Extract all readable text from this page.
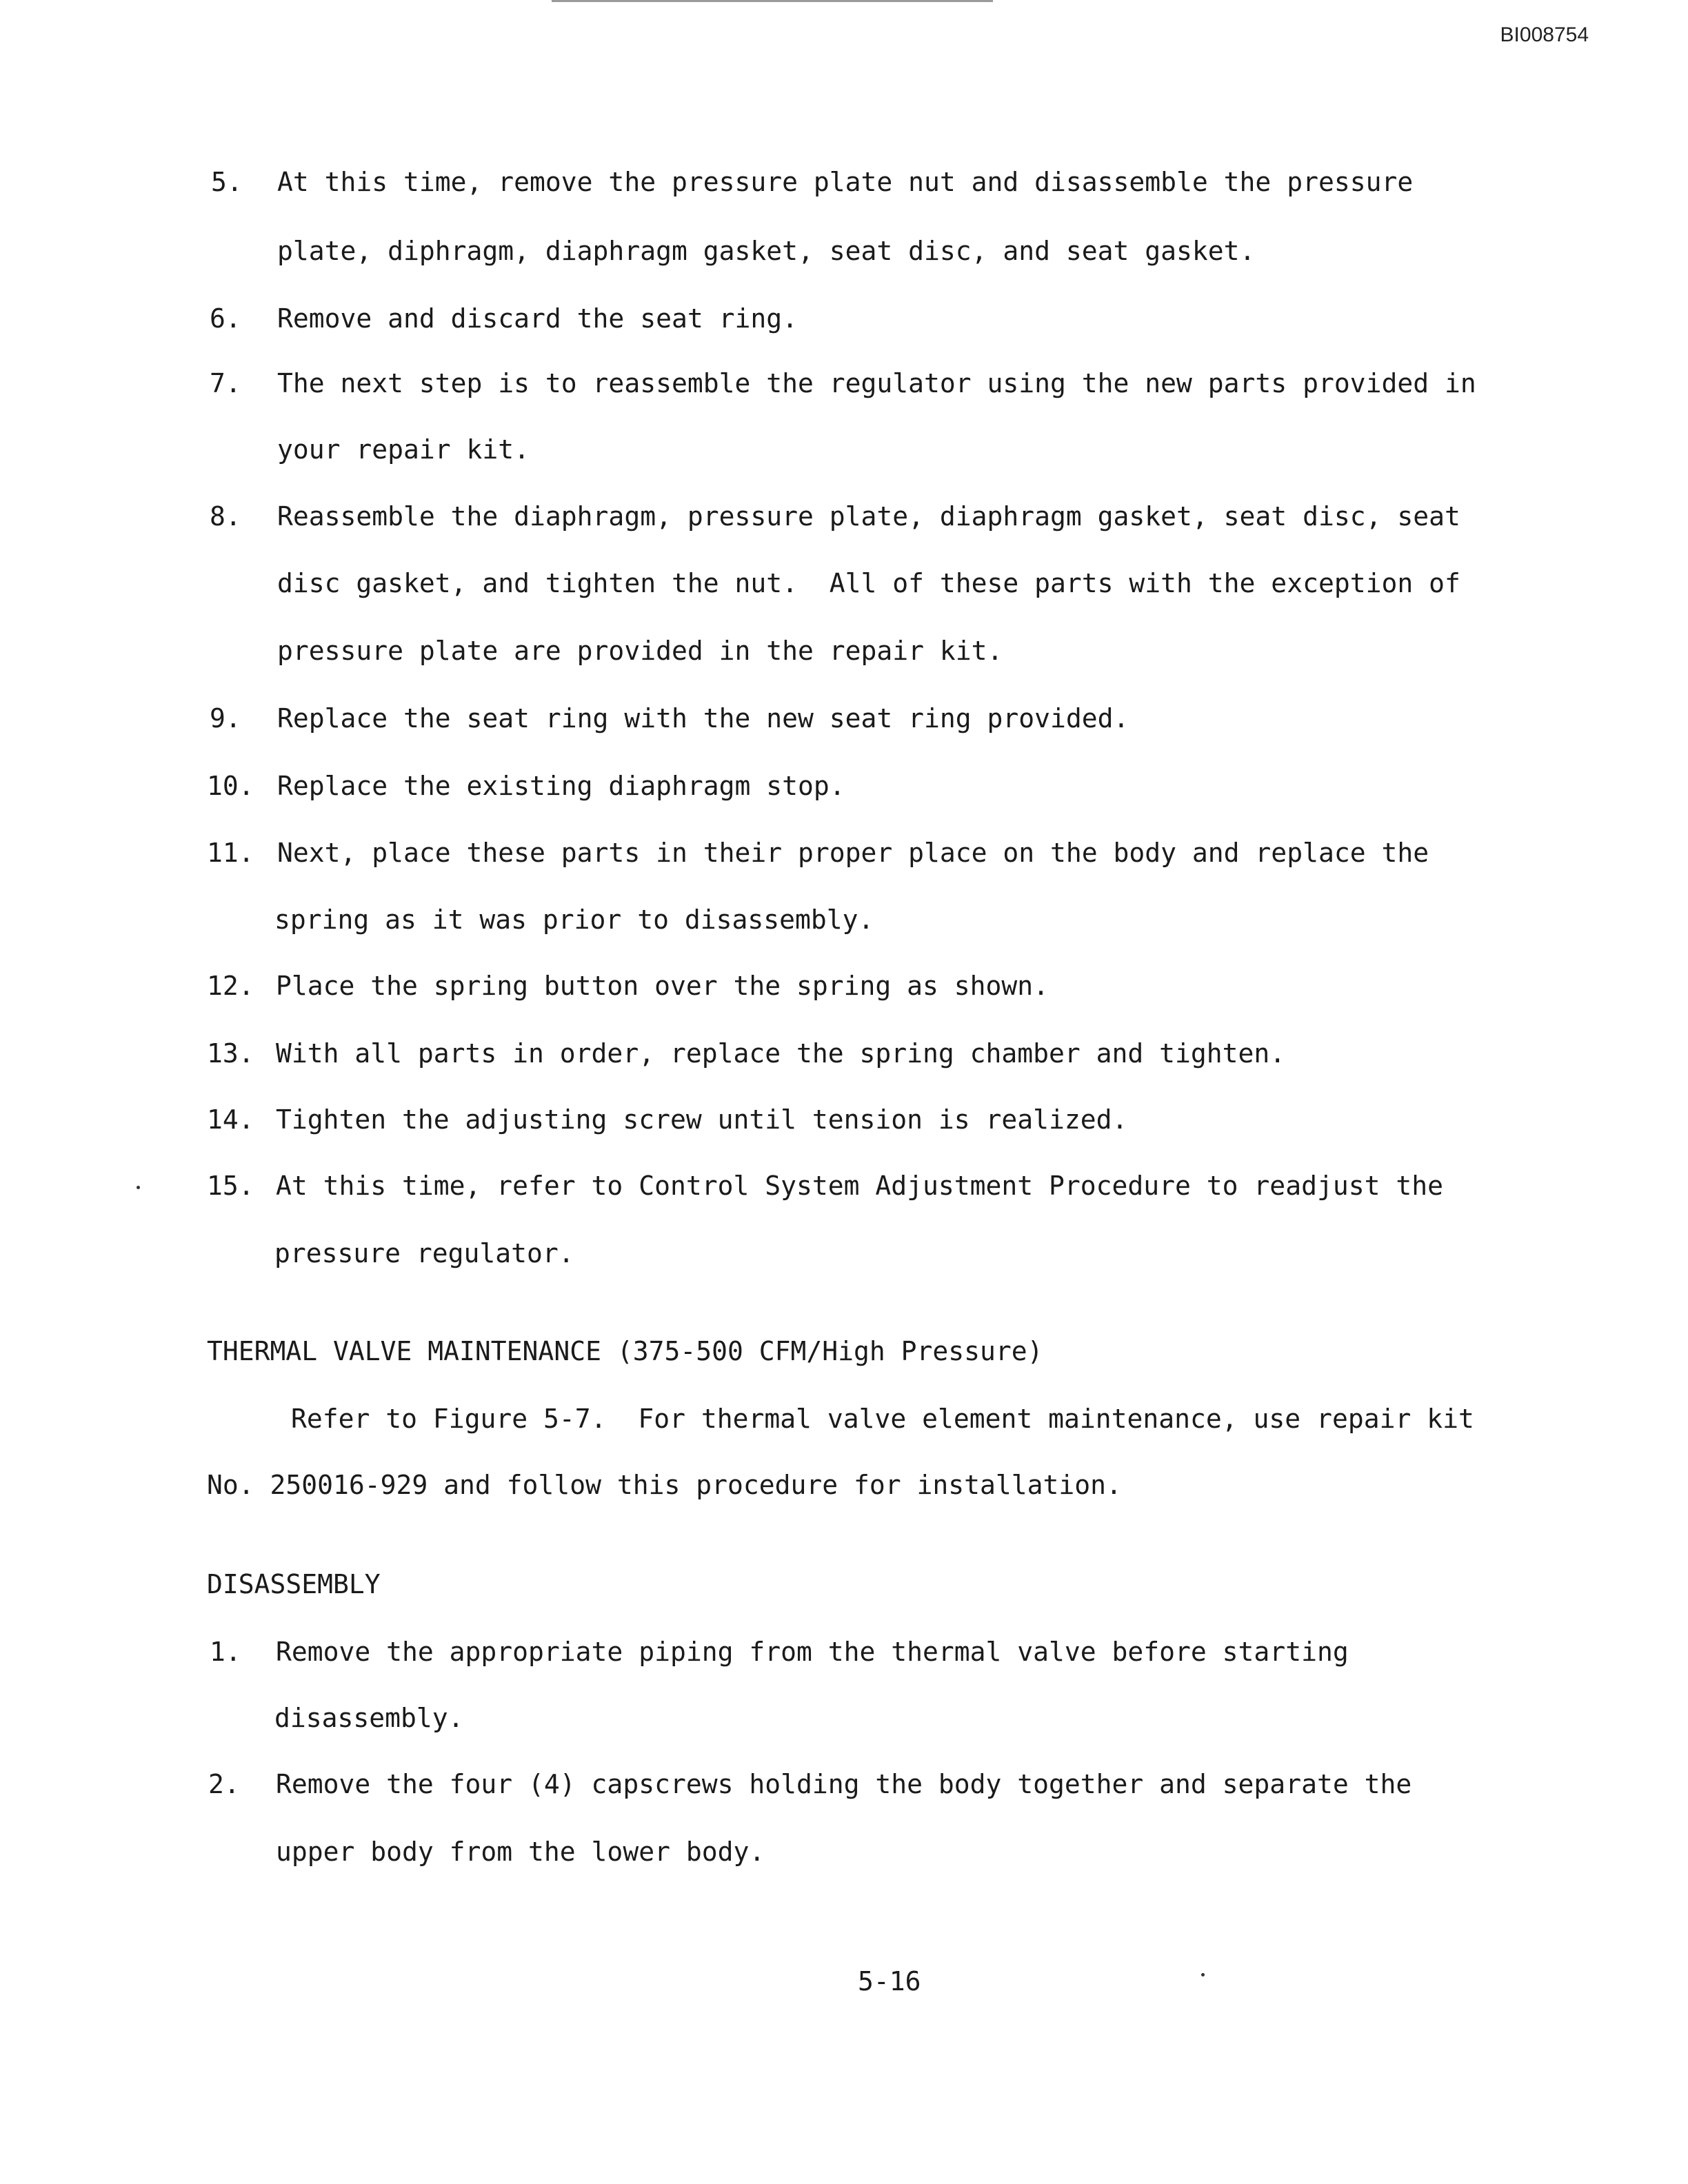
BI008754
5. At this time, remove the pressure plate nut and disassemble the pressure
plate, diphragm, diaphragm gasket, seat disc, and seat gasket.
6. Remove and discard the seat ring.
7. The next step is to reassemble the regulator using the new parts provided in
your repair kit.
8. Reassemble the diaphragm, pressure plate, diaphragm gasket, seat disc, seat
disc gasket, and tighten the nut.  All of these parts with the exception of
pressure plate are provided in the repair kit.
9. Replace the seat ring with the new seat ring provided.
10. Replace the existing diaphragm stop.
11. Next, place these parts in their proper place on the body and replace the
spring as it was prior to disassembly.
12. Place the spring button over the spring as shown.
13. With all parts in order, replace the spring chamber and tighten.
14. Tighten the adjusting screw until tension is realized.
15. At this time, refer to Control System Adjustment Procedure to readjust the
pressure regulator.
THERMAL VALVE MAINTENANCE (375-500 CFM/High Pressure)
Refer to Figure 5-7.  For thermal valve element maintenance, use repair kit
No. 250016-929 and follow this procedure for installation.
DISASSEMBLY
1. Remove the appropriate piping from the thermal valve before starting
disassembly.
2. Remove the four (4) capscrews holding the body together and separate the
upper body from the lower body.
5-16
